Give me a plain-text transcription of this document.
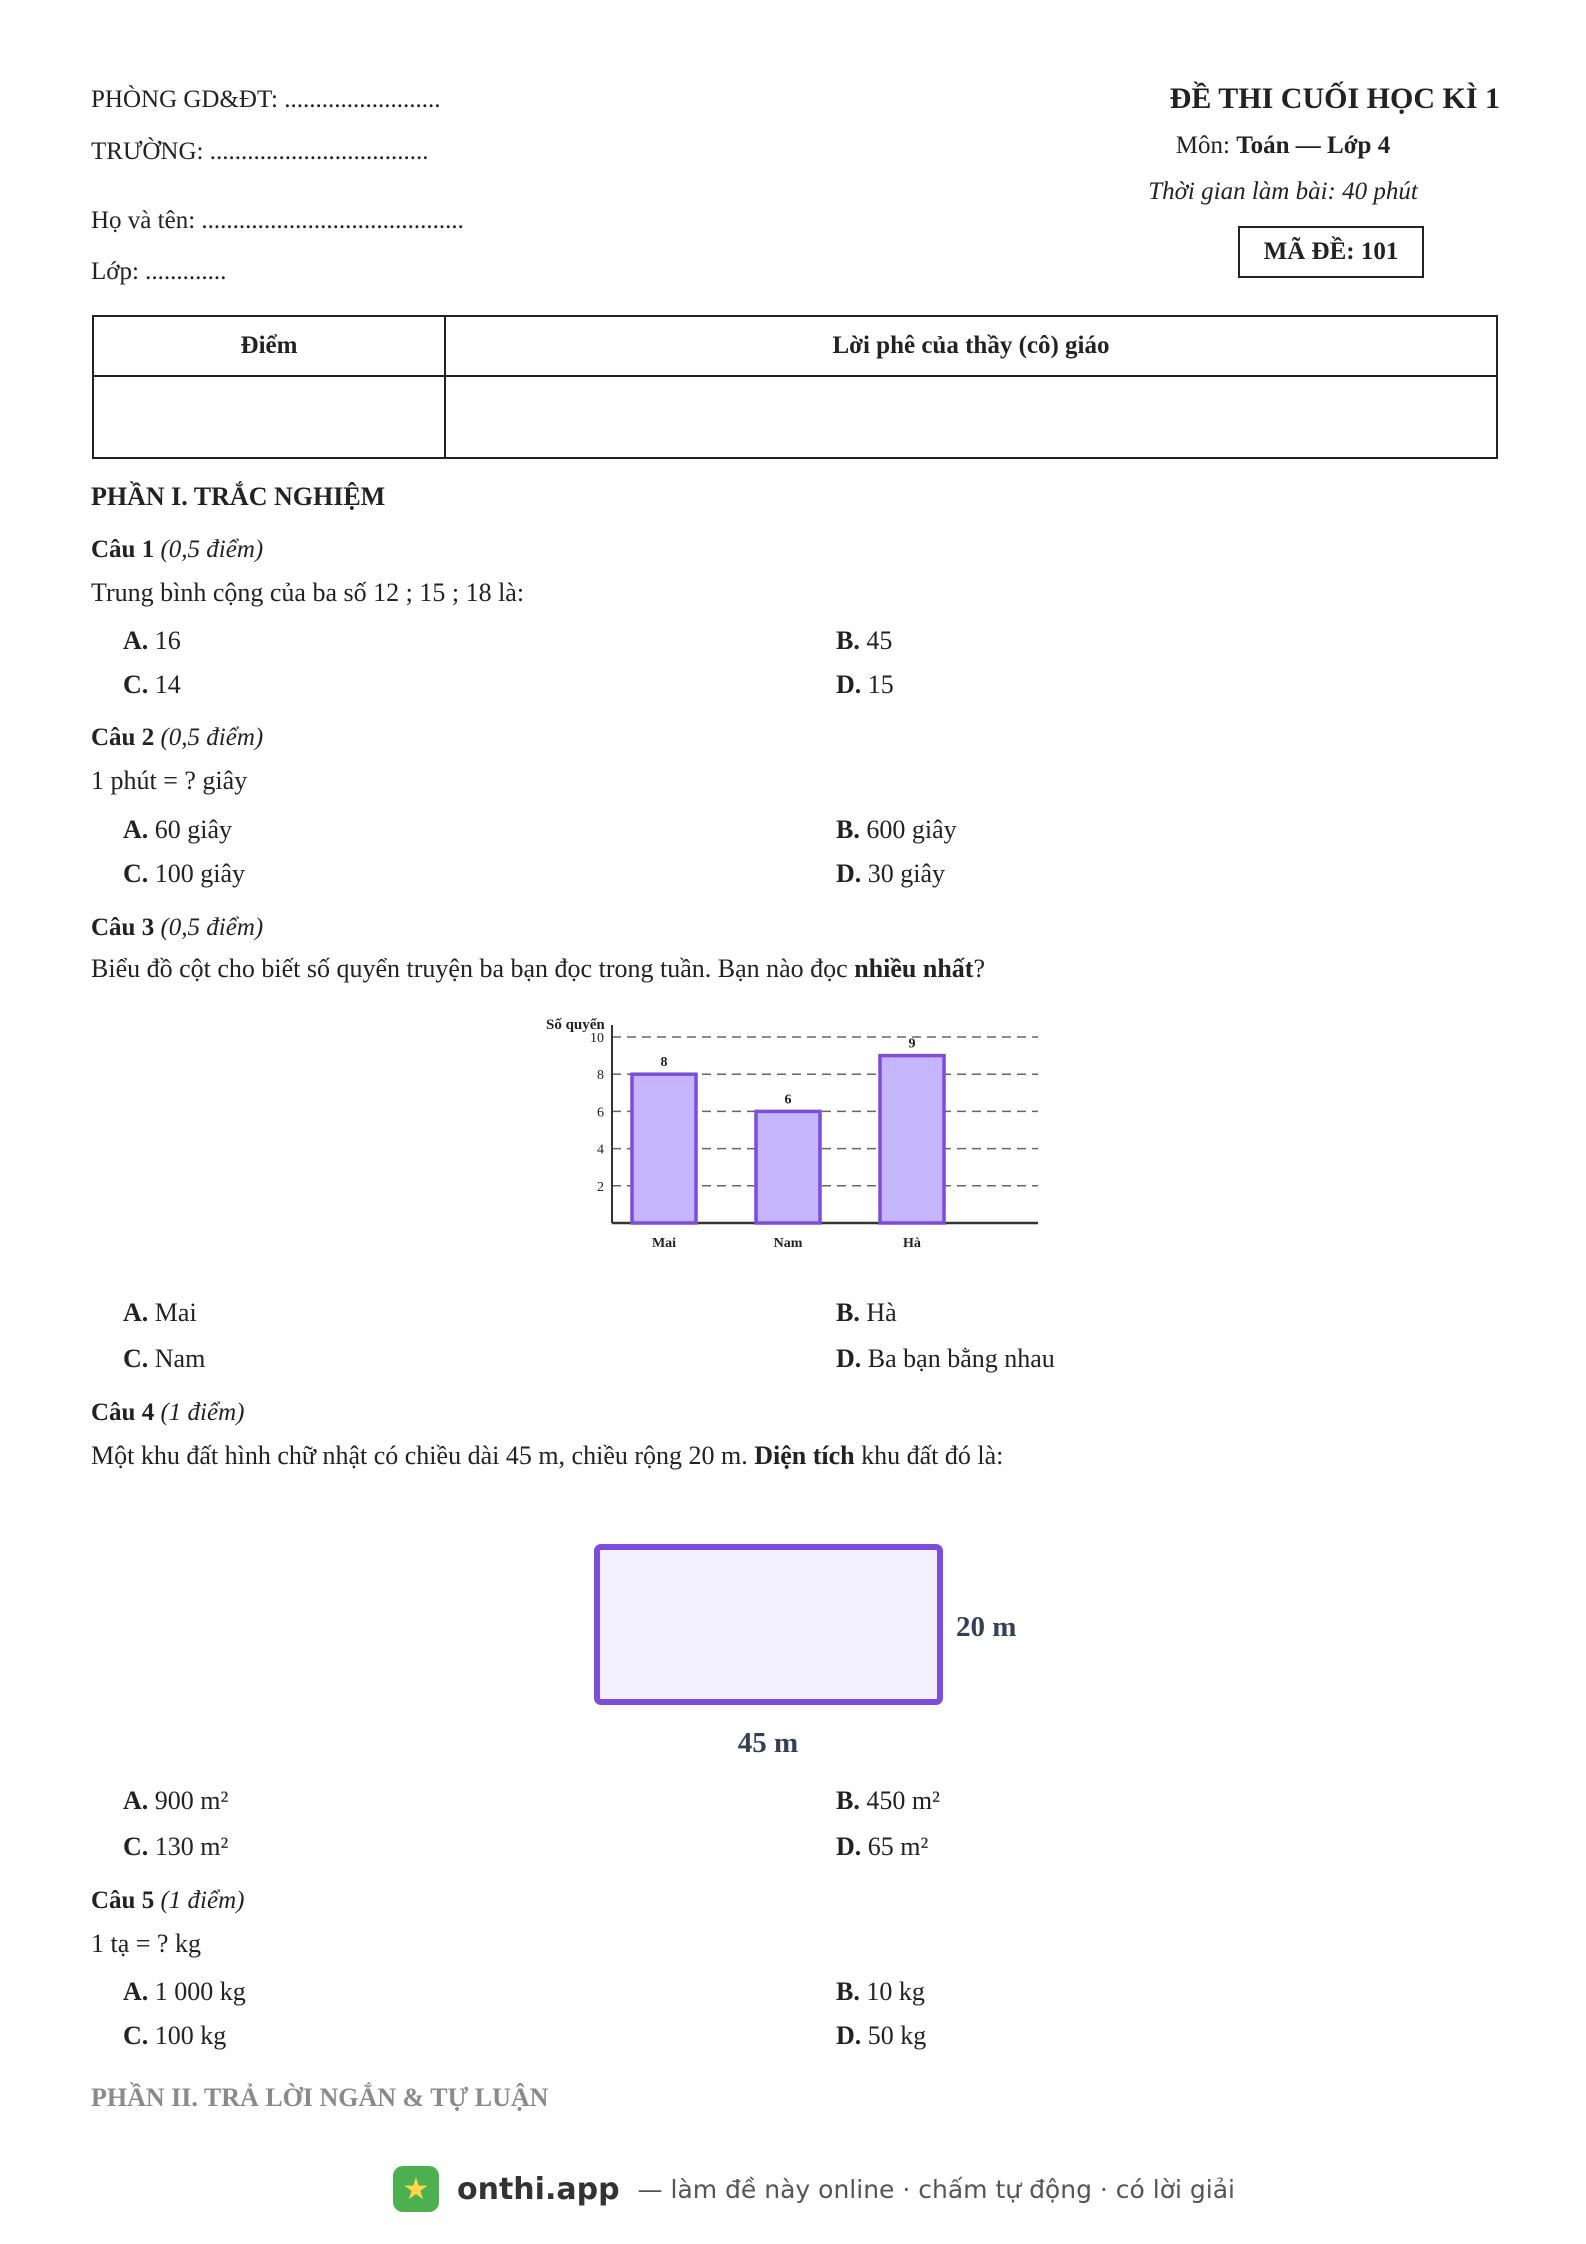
PHÒNG GD&ĐT: .........................
TRƯỜNG: ...................................
Họ và tên: ..........................................
Lớp: .............
ĐỀ THI CUỐI HỌC KÌ 1
Môn: Toán — Lớp 4
Thời gian làm bài: 40 phút
MÃ ĐỀ: 101
Điểm	Lời phê của thầy (cô) giáo

PHẦN I. TRẮC NGHIỆM
Câu 1 (0,5 điểm)
Trung bình cộng của ba số 12 ; 15 ; 18 là:
A. 16	B. 45
C. 14	D. 15
Câu 2 (0,5 điểm)
1 phút = ? giây
A. 60 giây	B. 600 giây
C. 100 giây	D. 30 giây
Câu 3 (0,5 điểm)
Biểu đồ cột cho biết số quyển truyện ba bạn đọc trong tuần. Bạn nào đọc nhiều nhất?
2
4
6
8
10
Số quyển
8
Mai
6
Nam
9
Hà
A. Mai	B. Hà
C. Nam	D. Ba bạn bằng nhau
Câu 4 (1 điểm)
Một khu đất hình chữ nhật có chiều dài 45 m, chiều rộng 20 m. Diện tích khu đất đó là:
20 m
45 m
A. 900 m²	B. 450 m²
C. 130 m²	D. 65 m²
Câu 5 (1 điểm)
1 tạ = ? kg
A. 1 000 kg	B. 10 kg
C. 100 kg	D. 50 kg
PHẦN II. TRẢ LỜI NGẮN & TỰ LUẬN
★ onthi.app — làm đề này online · chấm tự động · có lời giải
